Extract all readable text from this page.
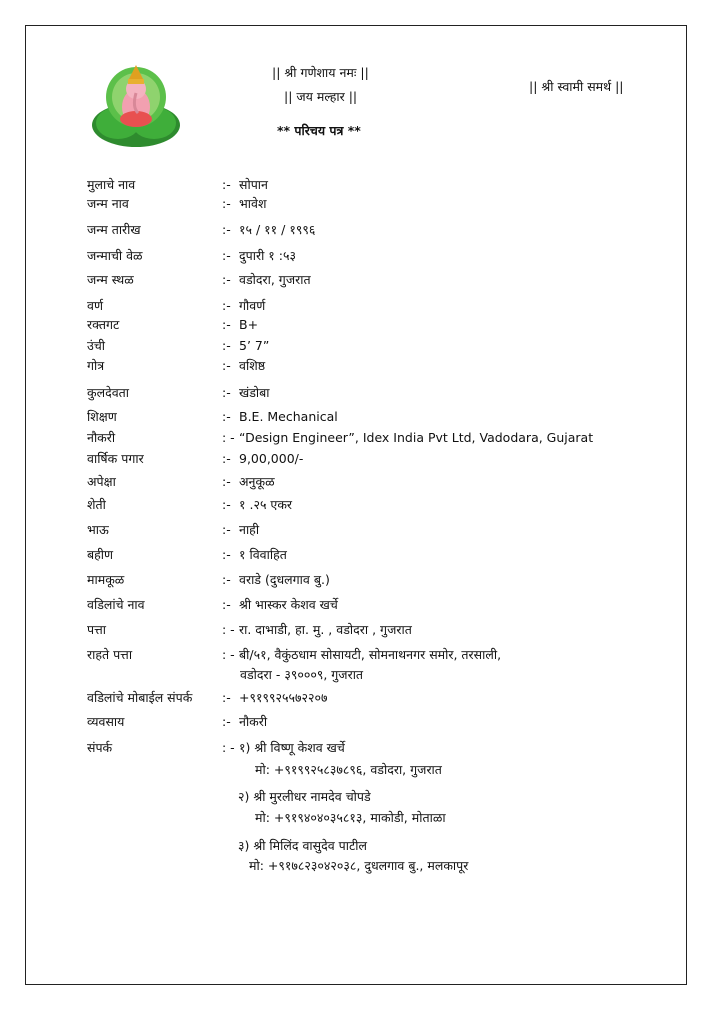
|| श्री गणेशाय नमः ||
|| जय मल्हार ||
|| श्री स्वामी समर्थ ||
** परिचय पत्र **
मुलाचे नाव	:- सोपान
जन्म नाव	:- भावेश
जन्म तारीख	:- १५ / ११ / १९९६
जन्माची वेळ	:- दुपारी १ :५३
जन्म स्थळ	:- वडोदरा, गुजरात
वर्ण	:- गौवर्ण
रक्तगट	:- B+
उंची	:- 5’ 7”
गोत्र	:- वशिष्ठ
कुलदेवता	:- खंडोबा
शिक्षण	:- B.E. Mechanical
नौकरी	: - “Design Engineer”, Idex India Pvt Ltd, Vadodara, Gujarat
वार्षिक पगार	:- 9,00,000/-
अपेक्षा	:- अनुकूळ
शेती	:- १ .२५ एकर
भाऊ	:- नाही
बहीण	:- १ विवाहित
मामकूळ	:- वराडे (दुधलगाव बु.)
वडिलांचे नाव	:- श्री भास्कर केशव खर्चे
पत्ता	: - रा. दाभाडी, हा. मु. , वडोदरा , गुजरात
राहते पत्ता	: - बी/५१, वैकुंठधाम सोसायटी, सोमनाथनगर समोर, तरसाली,
वडोदरा - ३९०००९, गुजरात
वडिलांचे मोबाईल संपर्क :- +९१९९२५५७२२०७
व्यवसाय	:- नौकरी
संपर्क	: - १) श्री विष्णू केशव खर्चे
मो: +९१९९२५८३७८९६, वडोदरा, गुजरात
२) श्री मुरलीधर नामदेव चोपडे
मो: +९१९४०४०३५८१३, माकोडी, मोताळा
३) श्री मिलिंद वासुदेव पाटील
मो: +९१७८२३०४२०३८, दुधलगाव बु., मलकापूर
